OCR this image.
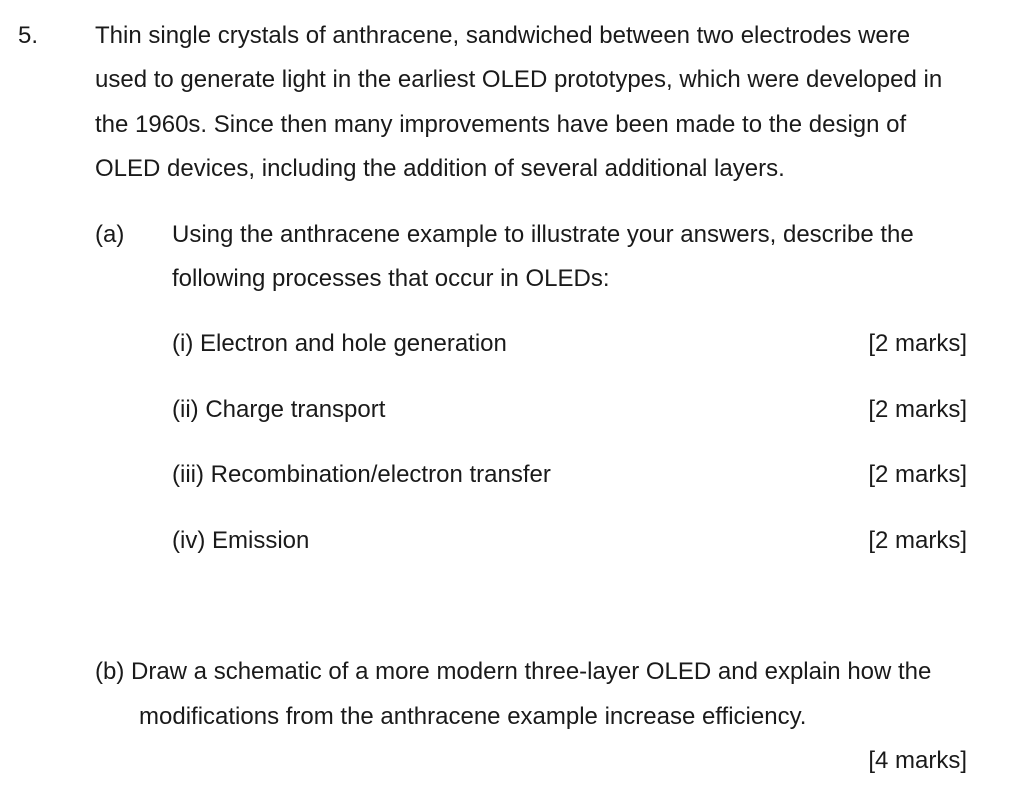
5. Thin single crystals of anthracene, sandwiched between two electrodes were
used to generate light in the earliest OLED prototypes, which were developed in
the 1960s. Since then many improvements have been made to the design of
OLED devices, including the addition of several additional layers.
(a) Using the anthracene example to illustrate your answers, describe the
following processes that occur in OLEDs:
(i) Electron and hole generation	[2 marks]
(ii) Charge transport	[2 marks]
(iii) Recombination/electron transfer	[2 marks]
(iv) Emission	[2 marks]
(b) Draw a schematic of a more modern three-layer OLED and explain how the
modifications from the anthracene example increase efficiency.
[4 marks]
